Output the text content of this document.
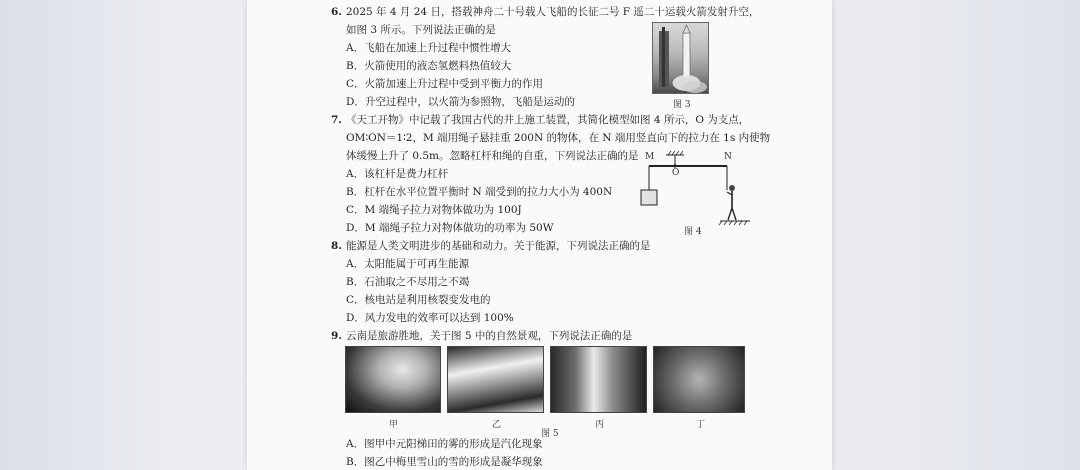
6. 2025 年 4 月 24 日，搭载神舟二十号载人飞船的长征二号 F 遥二十运载火箭发射升空，
如图 3 所示。下列说法正确的是
A．飞船在加速上升过程中惯性增大
B．火箭使用的液态氢燃料热值较大
C．火箭加速上升过程中受到平衡力的作用
D．升空过程中，以火箭为参照物，飞船是运动的	图 3
7. 《天工开物》中记载了我国古代的井上施工装置，其简化模型如图 4 所示，O 为支点，
OM∶ON＝1∶2，M 端用绳子悬挂重 200N 的物体，在 N 端用竖直向下的拉力在 1s 内使物
体缓慢上升了 0.5m。忽略杠杆和绳的自重，下列说法正确的是
A．该杠杆是费力杠杆
B．杠杆在水平位置平衡时 N 端受到的拉力大小为 400N
C．M 端绳子拉力对物体做功为 100J
D．M 端绳子拉力对物体做功的功率为 50W
M
O
N
图 4
8. 能源是人类文明进步的基础和动力。关于能源，下列说法正确的是
A．太阳能属于可再生能源
B．石油取之不尽用之不竭
C．核电站是利用核裂变发电的
D．风力发电的效率可以达到 100%
9. 云南是旅游胜地，关于图 5 中的自然景观，下列说法正确的是
甲	乙	丙	丁
图 5
A．图甲中元阳梯田的雾的形成是汽化现象
B．图乙中梅里雪山的雪的形成是凝华现象
